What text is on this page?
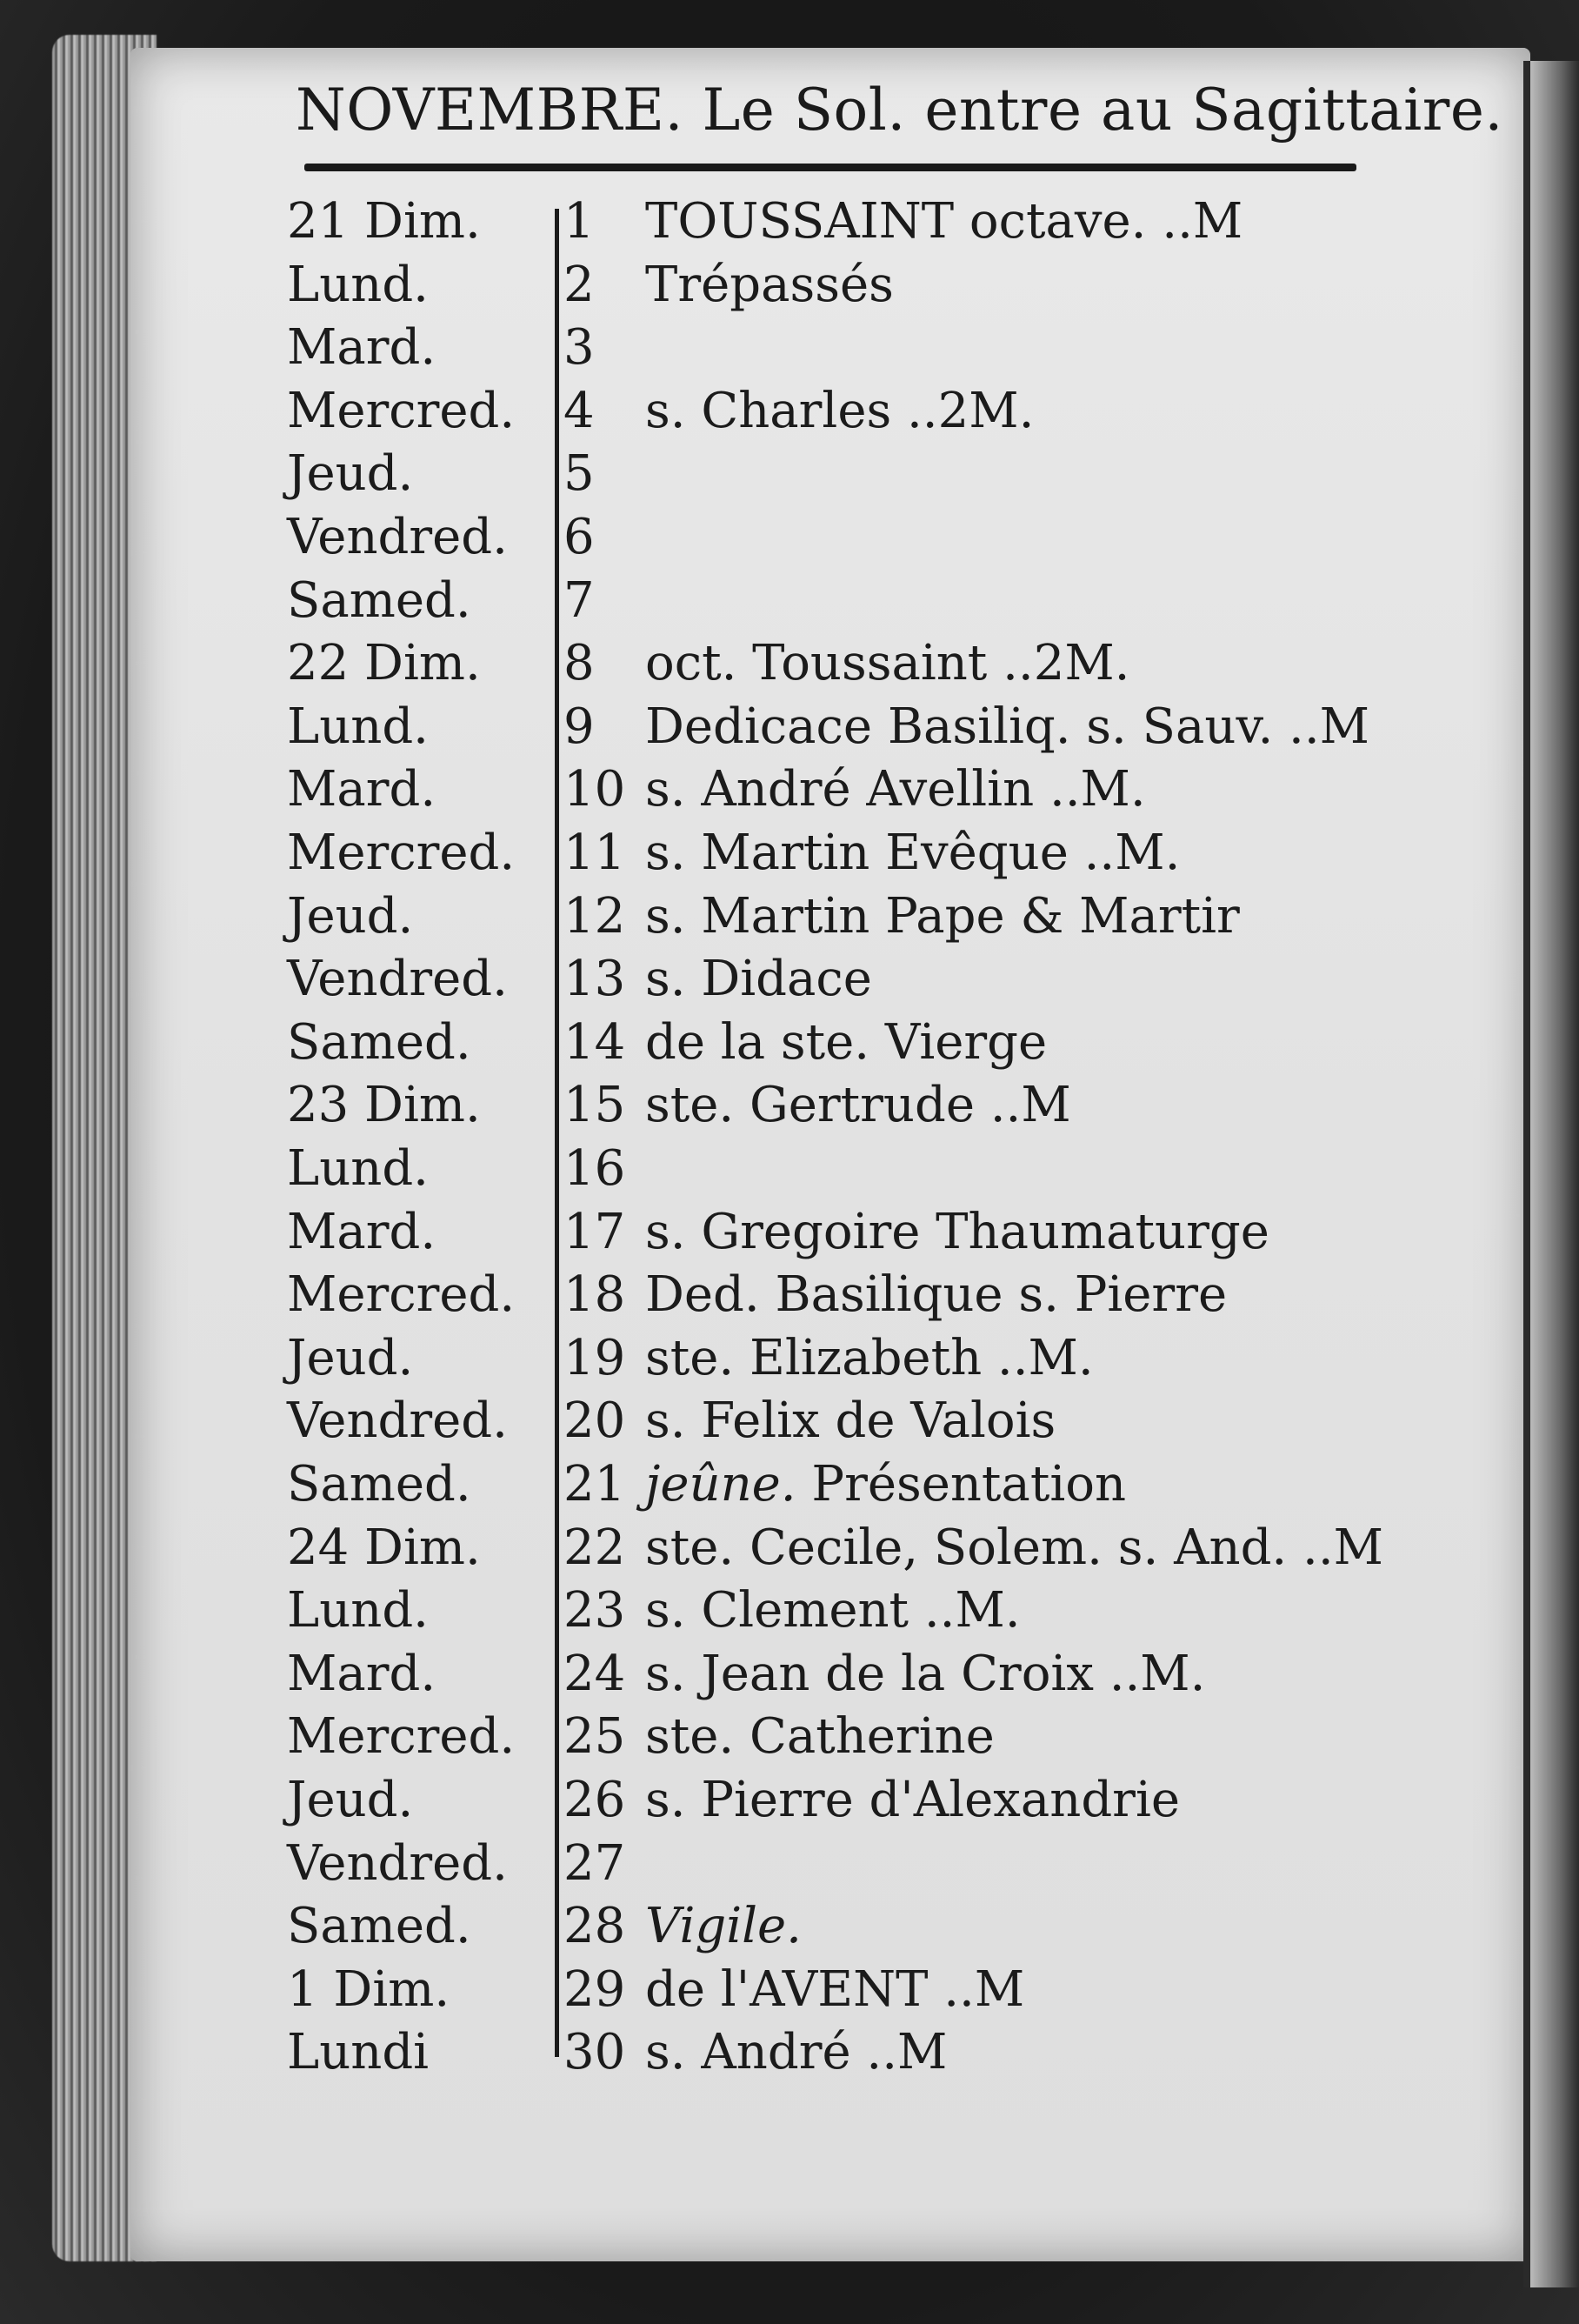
NOVEMBRE. Le Sol. entre au Sagittaire.
21 Dim.	1	TOUSSAINT octave. ..M
Lund.	2	Trépassés
Mard.	3
Mercred. 4	s. Charles ..2M.
Jeud.	5
Vendred.	6
Samed.	7
22 Dim.	8	oct. Toussaint ..2M.
Lund.	9	Dedicace Basiliq. s. Sauv. ..M
Mard.	10 s. André Avellin ..M.
Mercred. 11 s. Martin Evêque ..M.
Jeud.	12 s. Martin Pape & Martir
Vendred.	13 s. Didace
Samed.	14 de la ste. Vierge
23 Dim.	15 ste. Gertrude ..M
Lund.	16
Mard.	17 s. Gregoire Thaumaturge
Mercred. 18 Ded. Basilique s. Pierre
Jeud.	19 ste. Elizabeth ..M.
Vendred.	20 s. Felix de Valois
Samed.	21 jeûne. Présentation
24 Dim.	22 ste. Cecile, Solem. s. And. ..M
Lund.	23 s. Clement ..M.
Mard.	24 s. Jean de la Croix ..M.
Mercred. 25 ste. Catherine
Jeud.	26 s. Pierre d'Alexandrie
Vendred.	27
Samed.	28 Vigile.
1 Dim.	29 de l'AVENT ..M
Lundi	30 s. André ..M
